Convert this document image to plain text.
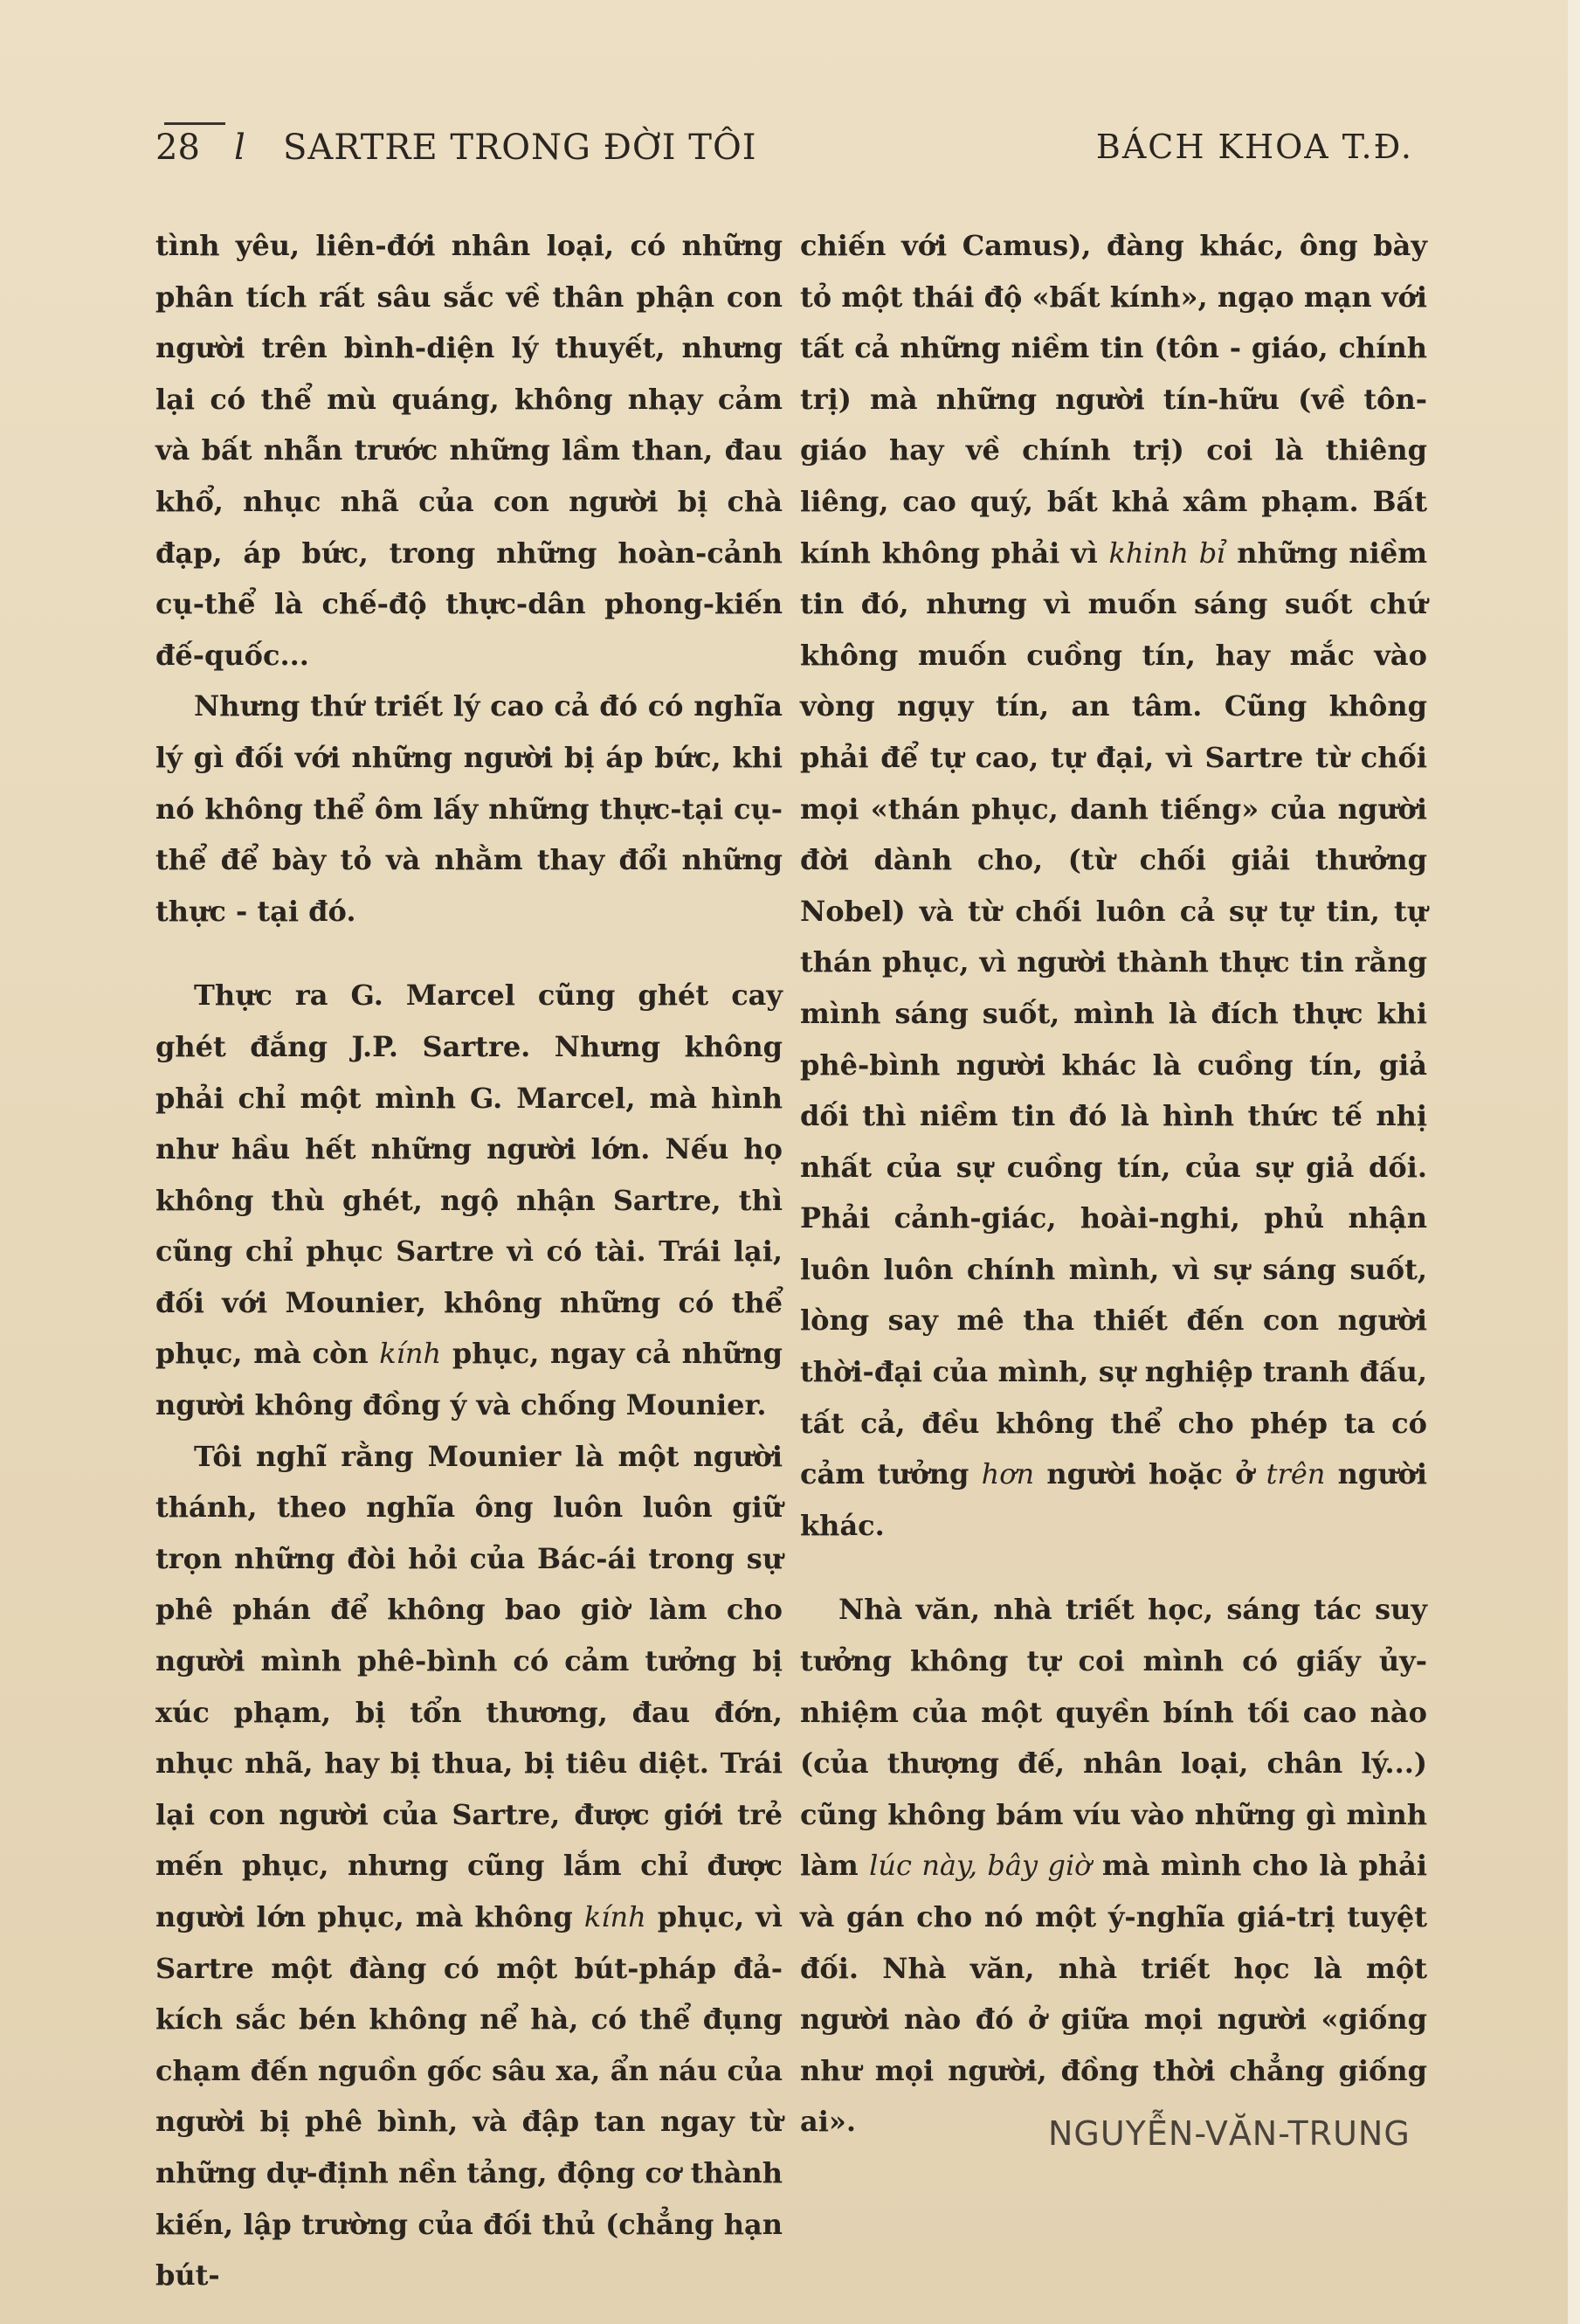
28 l SARTRE TRONG ĐỜI TÔI	BÁCH KHOA T.Đ.

tình yêu, liên-đới nhân loại, có những phân tích rất sâu sắc về thân phận con người trên bình-diện lý thuyết, nhưng lại có thể mù quáng, không nhạy cảm và bất nhẫn trước những lầm than, đau khổ, nhục nhã của con người bị chà đạp, áp bức, trong những hoàn-cảnh cụ-thể là chế-độ thực-dân phong-kiến đế-quốc...

Nhưng thứ triết lý cao cả đó có nghĩa lý gì đối với những người bị áp bức, khi nó không thể ôm lấy những thực-tại cụ-thể để bày tỏ và nhằm thay đổi những thực - tại đó.

Thực ra G. Marcel cũng ghét cay ghét đắng J.P. Sartre. Nhưng không phải chỉ một mình G. Marcel, mà hình như hầu hết những người lớn. Nếu họ không thù ghét, ngộ nhận Sartre, thì cũng chỉ phục Sartre vì có tài. Trái lại, đối với Mounier, không những có thể phục, mà còn kính phục, ngay cả những người không đồng ý và chống Mounier.

Tôi nghĩ rằng Mounier là một người thánh, theo nghĩa ông luôn luôn giữ trọn những đòi hỏi của Bác-ái trong sự phê phán để không bao giờ làm cho người mình phê-bình có cảm tưởng bị xúc phạm, bị tổn thương, đau đớn, nhục nhã, hay bị thua, bị tiêu diệt. Trái lại con người của Sartre, được giới trẻ mến phục, nhưng cũng lắm chỉ được người lớn phục, mà không kính phục, vì Sartre một đàng có một bút-pháp đả-kích sắc bén không nể hà, có thể đụng chạm đến nguồn gốc sâu xa, ẩn náu của người bị phê bình, và đập tan ngay từ những dự-định nền tảng, động cơ thành kiến, lập trường của đối thủ (chẳng hạn bút-

chiến với Camus), đàng khác, ông bày tỏ một thái độ «bất kính», ngạo mạn với tất cả những niềm tin (tôn - giáo, chính trị) mà những người tín-hữu (về tôn-giáo hay về chính trị) coi là thiêng liêng, cao quý, bất khả xâm phạm. Bất kính không phải vì khinh bỉ những niềm tin đó, nhưng vì muốn sáng suốt chứ không muốn cuồng tín, hay mắc vào vòng ngụy tín, an tâm. Cũng không phải để tự cao, tự đại, vì Sartre từ chối mọi «thán phục, danh tiếng» của người đời dành cho, (từ chối giải thưởng Nobel) và từ chối luôn cả sự tự tin, tự thán phục, vì người thành thực tin rằng mình sáng suốt, mình là đích thực khi phê-bình người khác là cuồng tín, giả dối thì niềm tin đó là hình thức tế nhị nhất của sự cuồng tín, của sự giả dối. Phải cảnh-giác, hoài-nghi, phủ nhận luôn luôn chính mình, vì sự sáng suốt, lòng say mê tha thiết đến con người thời-đại của mình, sự nghiệp tranh đấu, tất cả, đều không thể cho phép ta có cảm tưởng hơn người hoặc ở trên người khác.

Nhà văn, nhà triết học, sáng tác suy tưởng không tự coi mình có giấy ủy-nhiệm của một quyền bính tối cao nào (của thượng đế, nhân loại, chân lý...) cũng không bám víu vào những gì mình làm lúc này, bây giờ mà mình cho là phải và gán cho nó một ý-nghĩa giá-trị tuyệt đối. Nhà văn, nhà triết học là một người nào đó ở giữa mọi người «giống như mọi người, đồng thời chẳng giống ai».	NGUYỄN-VĂN-TRUNG
